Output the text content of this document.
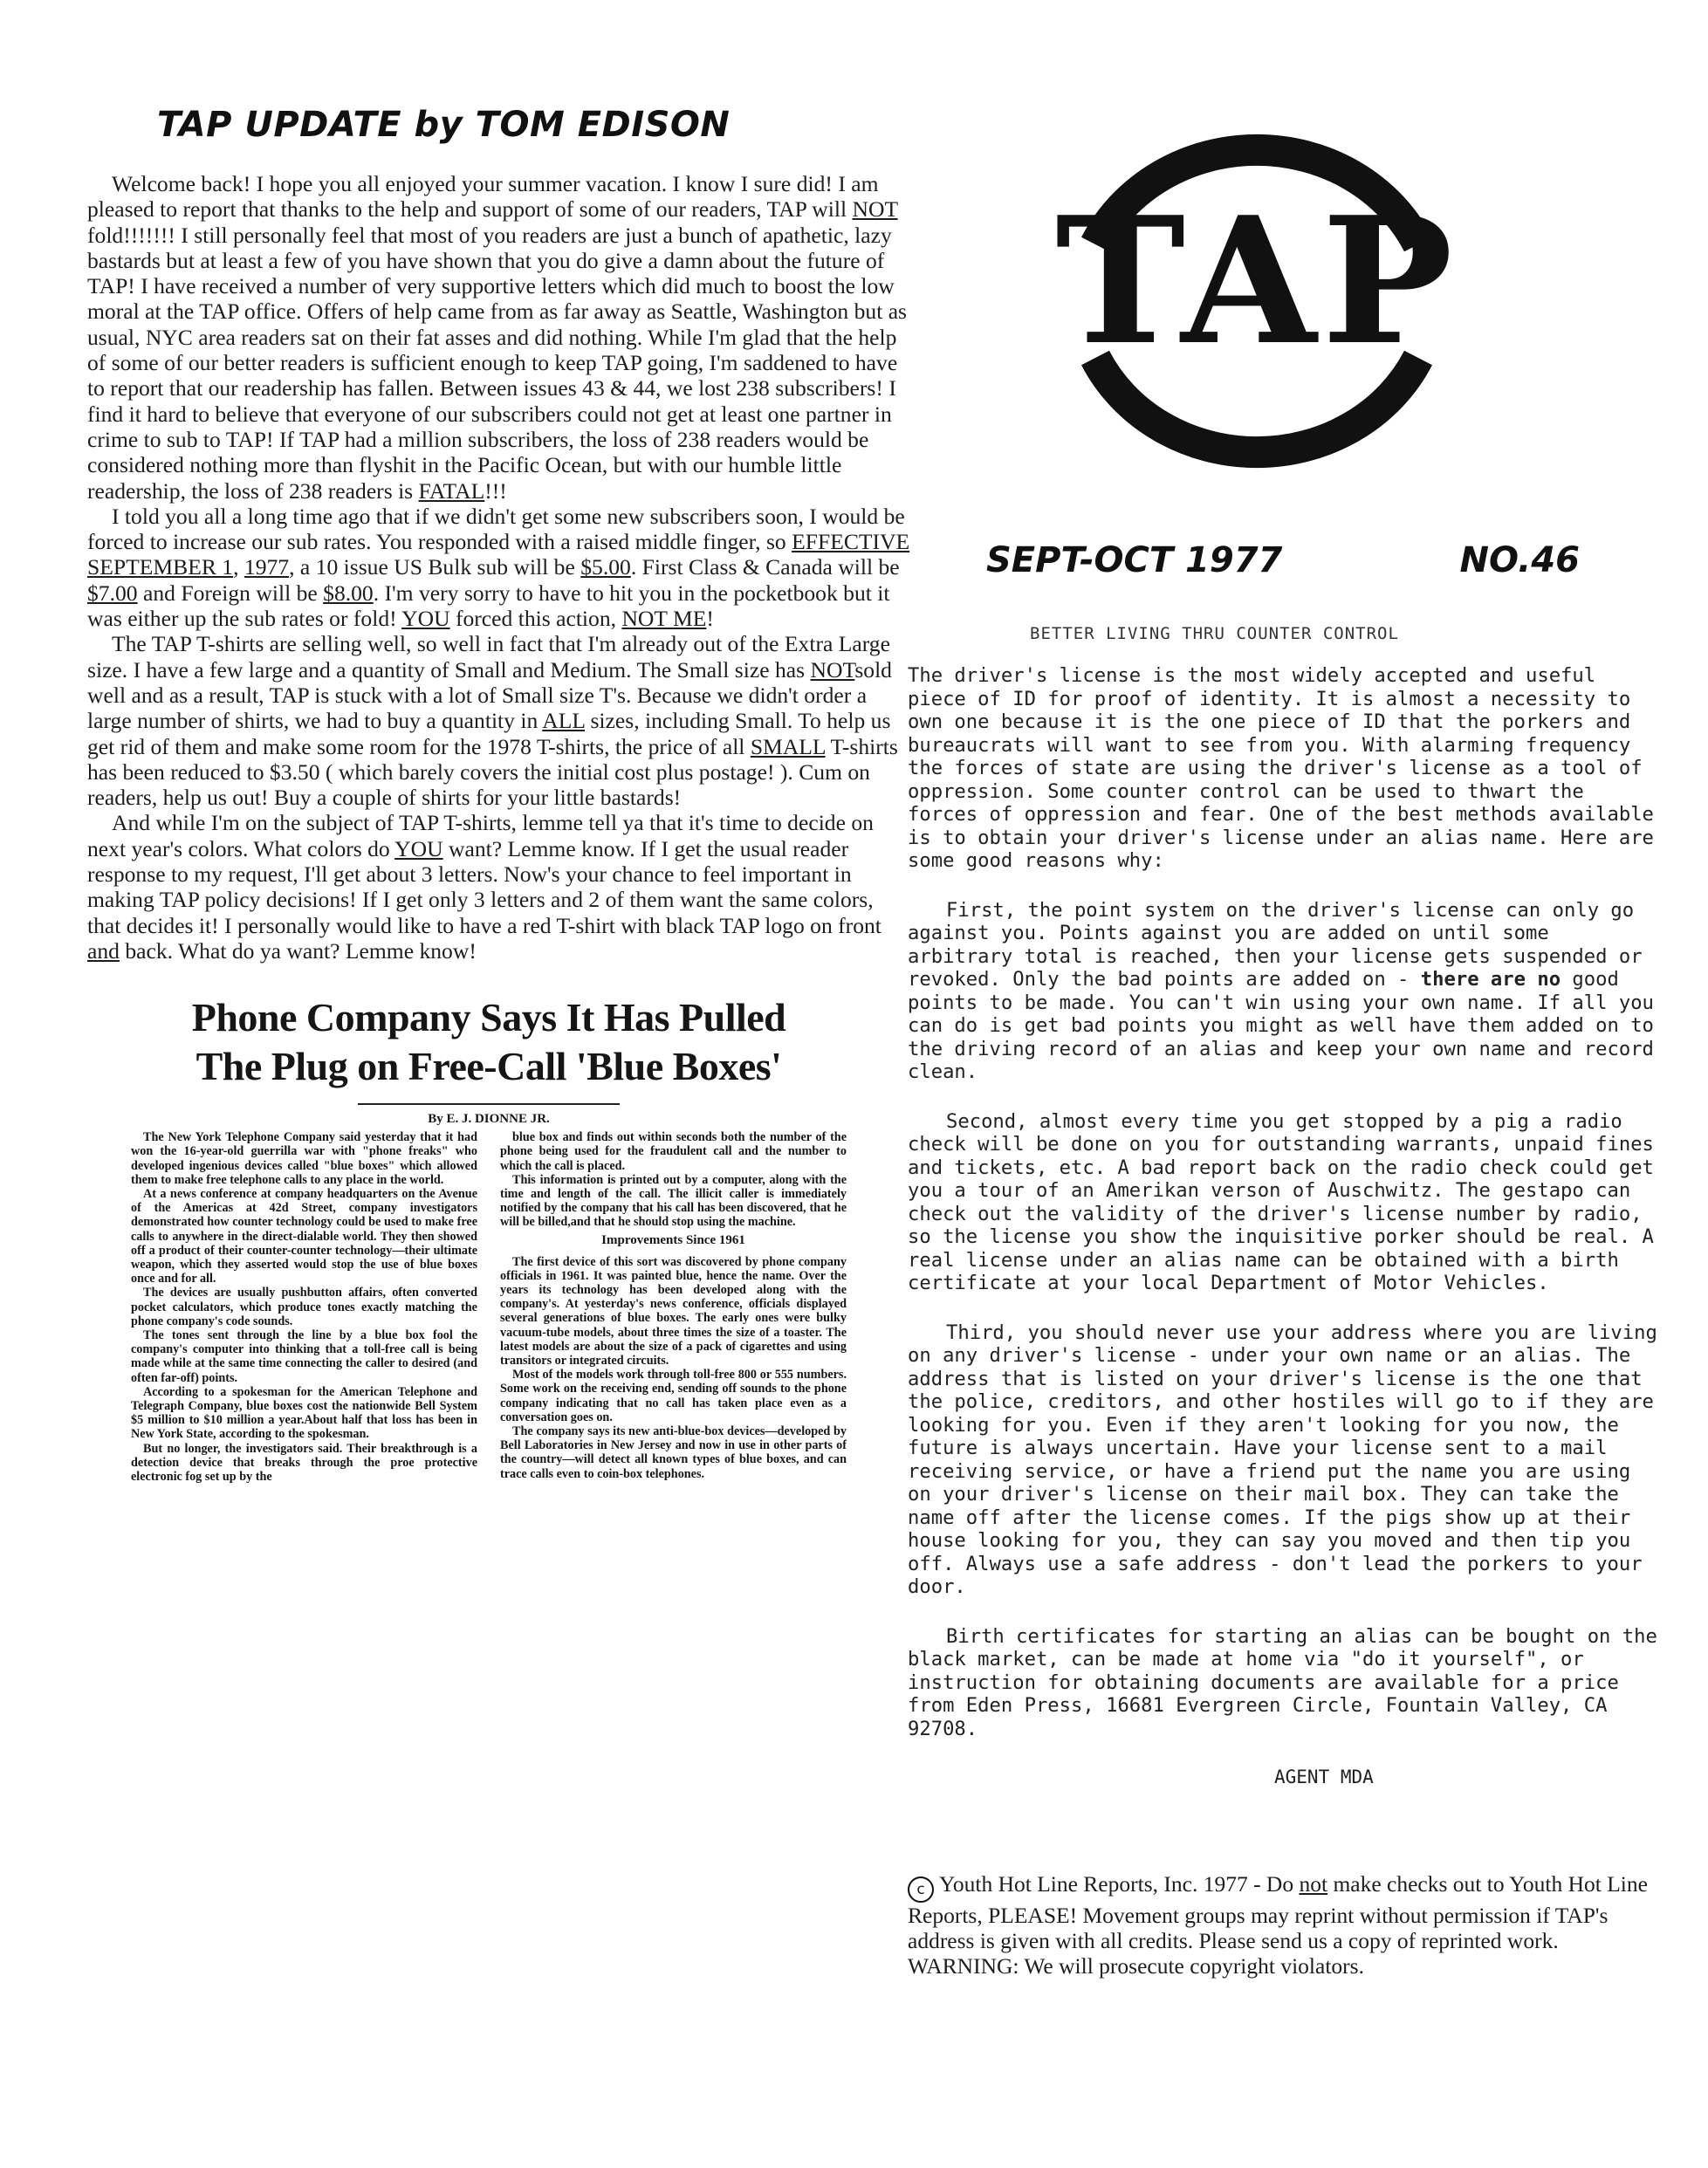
TAP UPDATE by TOM EDISON

Welcome back! I hope you all enjoyed your summer vacation. I know I sure did! I am pleased to report that thanks to the help and support of some of our readers, TAP will NOT fold!!!!!!! I still personally feel that most of you readers are just a bunch of apathetic, lazy bastards but at least a few of you have shown that you do give a damn about the future of TAP! I have received a number of very supportive letters which did much to boost the low moral at the TAP office. Offers of help came from as far away as Seattle, Washington but as usual, NYC area readers sat on their fat asses and did nothing. While I'm glad that the help of some of our better readers is sufficient enough to keep TAP going, I'm saddened to have to report that our readership has fallen. Between issues 43 & 44, we lost 238 subscribers! I find it hard to believe that everyone of our subscribers could not get at least one partner in crime to sub to TAP! If TAP had a million subscribers, the loss of 238 readers would be considered nothing more than flyshit in the Pacific Ocean, but with our humble little readership, the loss of 238 readers is FATAL!!!

I told you all a long time ago that if we didn't get some new subscribers soon, I would be forced to increase our sub rates. You responded with a raised middle finger, so EFFECTIVE SEPTEMBER 1, 1977, a 10 issue US Bulk sub will be $5.00. First Class & Canada will be $7.00 and Foreign will be $8.00. I'm very sorry to have to hit you in the pocketbook but it was either up the sub rates or fold! YOU forced this action, NOT ME!

The TAP T-shirts are selling well, so well in fact that I'm already out of the Extra Large size. I have a few large and a quantity of Small and Medium. The Small size has NOTsold well and as a result, TAP is stuck with a lot of Small size T's. Because we didn't order a large number of shirts, we had to buy a quantity in ALL sizes, including Small. To help us get rid of them and make some room for the 1978 T-shirts, the price of all SMALL T-shirts has been reduced to $3.50 ( which barely covers the initial cost plus postage! ). Cum on readers, help us out! Buy a couple of shirts for your little bastards!

And while I'm on the subject of TAP T-shirts, lemme tell ya that it's time to decide on next year's colors. What colors do YOU want? Lemme know. If I get the usual reader response to my request, I'll get about 3 letters. Now's your chance to feel important in making TAP policy decisions! If I get only 3 letters and 2 of them want the same colors, that decides it! I personally would like to have a red T-shirt with black TAP logo on front and back. What do ya want? Lemme know!

Phone Company Says It Has Pulled
The Plug on Free-Call 'Blue Boxes'
By E. J. DIONNE JR.

The New York Telephone Company said yesterday that it had won the 16-year-old guerrilla war with "phone freaks" who developed ingenious devices called "blue boxes" which allowed them to make free telephone calls to any place in the world.

At a news conference at company headquarters on the Avenue of the Americas at 42d Street, company investigators demonstrated how counter technology could be used to make free calls to anywhere in the direct-dialable world. They then showed off a product of their counter-counter technology—their ultimate weapon, which they asserted would stop the use of blue boxes once and for all.

The devices are usually pushbutton affairs, often converted pocket calculators, which produce tones exactly matching the phone company's code sounds.

The tones sent through the line by a blue box fool the company's computer into thinking that a toll-free call is being made while at the same time connecting the caller to desired (and often far-off) points.

According to a spokesman for the American Telephone and Telegraph Company, blue boxes cost the nationwide Bell System $5 million to $10 million a year.About half that loss has been in New York State, according to the spokesman.

But no longer, the investigators said. Their breakthrough is a detection device that breaks through the proe protective electronic fog set up by the

blue box and finds out within seconds both the number of the phone being used for the fraudulent call and the number to which the call is placed.

This information is printed out by a computer, along with the time and length of the call. The illicit caller is immediately notified by the company that his call has been discovered, that he will be billed,and that he should stop using the machine.

Improvements Since 1961

The first device of this sort was discovered by phone company officials in 1961. It was painted blue, hence the name. Over the years its technology has been developed along with the company's. At yesterday's news conference, officials displayed several generations of blue boxes. The early ones were bulky vacuum-tube models, about three times the size of a toaster. The latest models are about the size of a pack of cigarettes and using transitors or integrated circuits.

Most of the models work through toll-free 800 or 555 numbers. Some work on the receiving end, sending off sounds to the phone company indicating that no call has taken place even as a conversation goes on.

The company says its new anti-blue-box devices—developed by Bell Laboratories in New Jersey and now in use in other parts of the country—will detect all known types of blue boxes, and can trace calls even to coin-box telephones.

TAP
SEPT-OCT 1977	NO.46
BETTER LIVING THRU COUNTER CONTROL

The driver's license is the most widely accepted and useful piece of ID for proof of identity. It is almost a necessity to own one because it is the one piece of ID that the porkers and bureaucrats will want to see from you. With alarming frequency the forces of state are using the driver's license as a tool of oppression. Some counter control can be used to thwart the forces of oppression and fear. One of the best methods available is to obtain your driver's license under an alias name. Here are some good reasons why:

First, the point system on the driver's license can only go against you. Points against you are added on until some arbitrary total is reached, then your license gets suspended or revoked. Only the bad points are added on - there are no good points to be made. You can't win using your own name. If all you can do is get bad points you might as well have them added on to the driving record of an alias and keep your own name and record clean.

Second, almost every time you get stopped by a pig a radio check will be done on you for outstanding warrants, unpaid fines and tickets, etc. A bad report back on the radio check could get you a tour of an Amerikan verson of Auschwitz. The gestapo can check out the validity of the driver's license number by radio, so the license you show the inquisitive porker should be real. A real license under an alias name can be obtained with a birth certificate at your local Department of Motor Vehicles.

Third, you should never use your address where you are living on any driver's license - under your own name or an alias. The address that is listed on your driver's license is the one that the police, creditors, and other hostiles will go to if they are looking for you. Even if they aren't looking for you now, the future is always uncertain. Have your license sent to a mail receiving service, or have a friend put the name you are using on your driver's license on their mail box. They can take the name off after the license comes. If the pigs show up at their house looking for you, they can say you moved and then tip you off. Always use a safe address - don't lead the porkers to your door.

Birth certificates for starting an alias can be bought on the black market, can be made at home via "do it yourself", or instruction for obtaining documents are available for a price from Eden Press, 16681 Evergreen Circle, Fountain Valley, CA 92708.

AGENT MDA
c Youth Hot Line Reports, Inc. 1977 - Do not make checks out to Youth Hot Line Reports, PLEASE! Movement groups may reprint without permission if TAP's address is given with all credits. Please send us a copy of reprinted work. WARNING: We will prosecute copyright violators.
